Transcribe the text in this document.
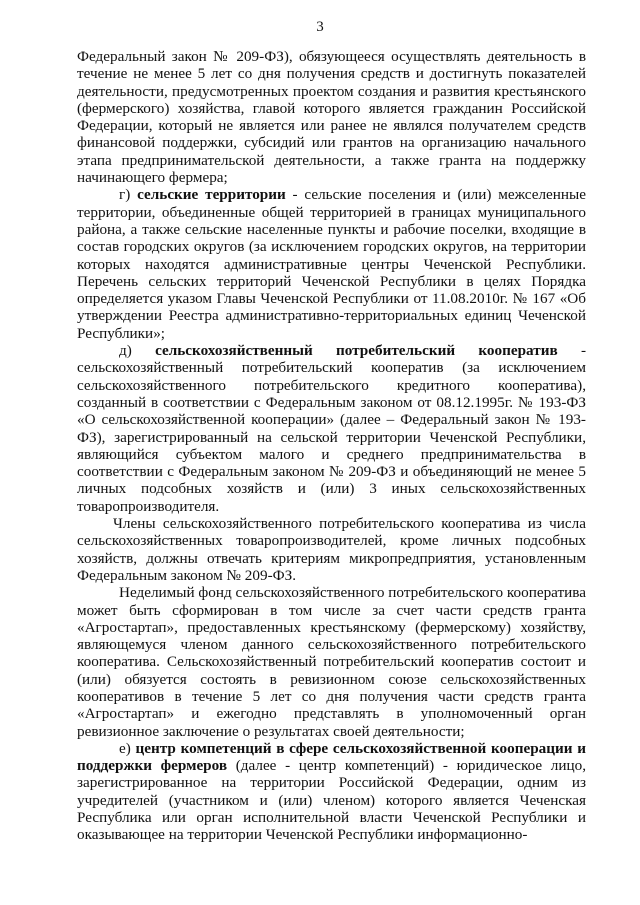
3

Федеральный закон № 209-ФЗ), обязующееся осуществлять деятельность в течение не менее 5 лет со дня получения средств и достигнуть показателей деятельности, предусмотренных проектом создания и развития крестьянского (фермерского) хозяйства, главой которого является гражданин Российской Федерации, который не является или ранее не являлся получателем средств финансовой поддержки, субсидий или грантов на организацию начального этапа предпринимательской деятельности, а также гранта на поддержку начинающего фермера;

г) сельские территории - сельские поселения и (или) межселенные территории, объединенные общей территорией в границах муниципального района, а также сельские населенные пункты и рабочие поселки, входящие в состав городских округов (за исключением городских округов, на территории которых находятся административные центры Чеченской Республики. Перечень сельских территорий Чеченской Республики в целях Порядка определяется указом Главы Чеченской Республики от 11.08.2010г. № 167 «Об утверждении Реестра административно-территориальных единиц Чеченской Республики»;

д) сельскохозяйственный потребительский кооператив - сельскохозяйственный потребительский кооператив (за исключением сельскохозяйственного потребительского кредитного кооператива), созданный в соответствии с Федеральным законом от 08.12.1995г. № 193-ФЗ «О сельскохозяйственной кооперации» (далее – Федеральный закон № 193-ФЗ), зарегистрированный на сельской территории Чеченской Республики, являющийся субъектом малого и среднего предпринимательства в соответствии с Федеральным законом № 209-ФЗ и объединяющий не менее 5 личных подсобных хозяйств и (или) 3 иных сельскохозяйственных товаропроизводителя.

Члены сельскохозяйственного потребительского кооператива из числа сельскохозяйственных товаропроизводителей, кроме личных подсобных хозяйств, должны отвечать критериям микропредприятия, установленным Федеральным законом № 209-ФЗ.

Неделимый фонд сельскохозяйственного потребительского кооператива может быть сформирован в том числе за счет части средств гранта «Агростартап», предоставленных крестьянскому (фермерскому) хозяйству, являющемуся членом данного сельскохозяйственного потребительского кооператива. Сельскохозяйственный потребительский кооператив состоит и (или) обязуется состоять в ревизионном союзе сельскохозяйственных кооперативов в течение 5 лет со дня получения части средств гранта «Агростартап» и ежегодно представлять в уполномоченный орган ревизионное заключение о результатах своей деятельности;

е) центр компетенций в сфере сельскохозяйственной кооперации и поддержки фермеров (далее - центр компетенций) - юридическое лицо, зарегистрированное на территории Российской Федерации, одним из учредителей (участником и (или) членом) которого является Чеченская Республика или орган исполнительной власти Чеченской Республики и оказывающее на территории Чеченской Республики информационно-
